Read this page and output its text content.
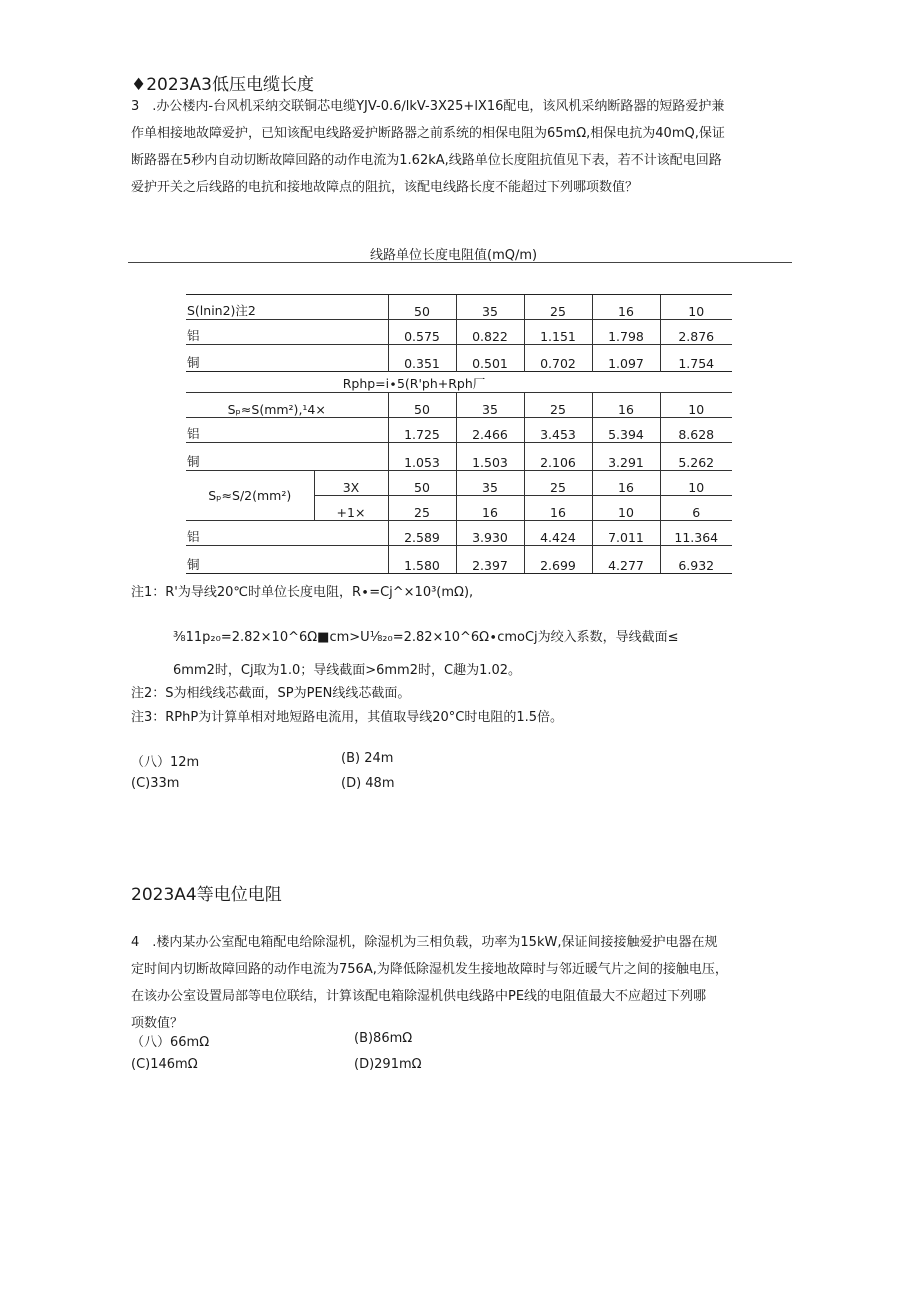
♦2023A3低压电缆长度
3　.办公楼内-台风机采纳交联铜芯电缆YJV-0.6∕lkV-3X25+lX16配电，该风机采纳断路器的短路爱护兼
作单相接地故障爱护，已知该配电线路爱护断路器之前系统的相保电阻为65mΩ,相保电抗为40mQ,保证
断路器在5秒内自动切断故障回路的动作电流为1.62kA,线路单位长度阻抗值见下表，若不计该配电回路
爱护开关之后线路的电抗和接地故障点的阻抗，该配电线路长度不能超过下列哪项数值？
线路单位长度电阻值(mQ∕m)
S(lnin2)注2		50	35	25	16	10
铝		0.575	0.822	1.151	1.798	2.876
铜		0.351	0.501	0.702	1.097	1.754
Rphp=i∙5(R'ph+Rph厂						
Sₚ≈S(mm²),¹4×		50	35	25	16	10
铝		1.725	2.466	3.453	5.394	8.628
铜		1.053	1.503	2.106	3.291	5.262
Sₚ≈S/2(mm²)	3X	50	35	25	16	10
	+1×	25	16	16	10	6
铝		2.589	3.930	4.424	7.011	11.364
铜		1.580	2.397	2.699	4.277	6.932
注1：R'为导线20℃时单位长度电阻，R∙=Cj^×10³(mΩ),
⅜11p₂₀=2.82×10^6Ω■cm>U⅛₂₀=2.82×10^6Ω∙cmoCj为绞入系数，导线截面≤
6mm2时，Cj取为1.0；导线截面>6mm2时，C趣为1.02。
注2：S为相线线芯截面，SP为PEN线线芯截面。
注3：RPhP为计算单相对地短路电流用，其值取导线20°C时电阻的1.5倍。
（八）12m	(B) 24m
(C)33m	(D) 48m
2023A4等电位电阻
4　.楼内某办公室配电箱配电给除湿机，除湿机为三相负载，功率为15kW,保证间接接触爱护电器在规
定时间内切断故障回路的动作电流为756A,为降低除湿机发生接地故障时与邻近暖气片之间的接触电压，
在该办公室设置局部等电位联结，计算该配电箱除湿机供电线路中PE线的电阻值最大不应超过下列哪
项数值？
（八）66mΩ	(B)86mΩ
(C)146mΩ	(D)291mΩ
